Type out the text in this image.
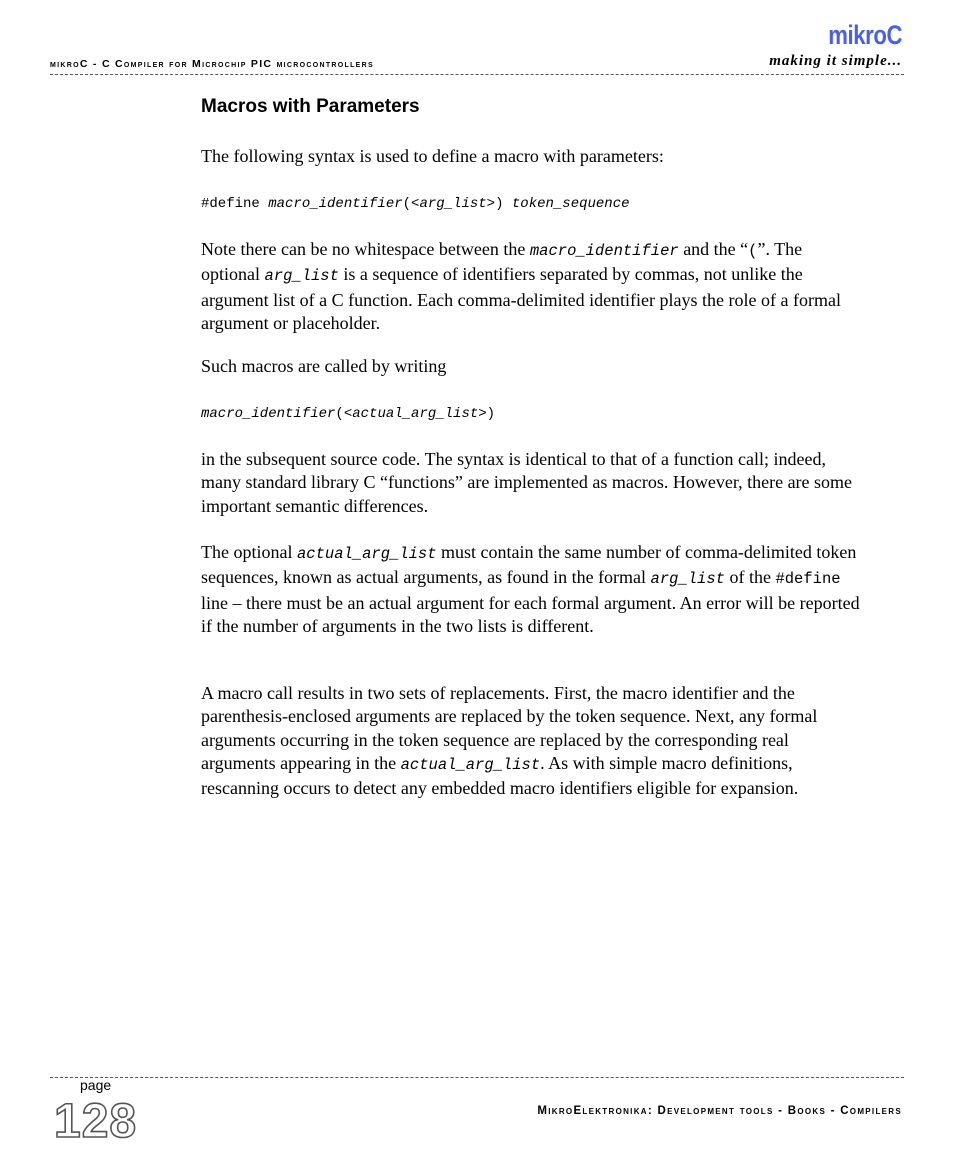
mikroC - C Compiler for Microchip PIC microcontrollers
mikroC
making it simple...
Macros with Parameters

The following syntax is used to define a macro with parameters:

#define macro_identifier(<arg_list>) token_sequence

Note there can be no whitespace between the macro_identifier and the “(”. The optional arg_list is a sequence of identifiers separated by commas, not unlike the argument list of a C function. Each comma-delimited identifier plays the role of a formal argument or placeholder.

Such macros are called by writing

macro_identifier(<actual_arg_list>)

in the subsequent source code. The syntax is identical to that of a function call; indeed, many standard library C “functions” are implemented as macros. However, there are some important semantic differences.

The optional actual_arg_list must contain the same number of comma-delimited token sequences, known as actual arguments, as found in the formal arg_list of the #define line – there must be an actual argument for each formal argument. An error will be reported if the number of arguments in the two lists is different.

A macro call results in two sets of replacements. First, the macro identifier and the parenthesis-enclosed arguments are replaced by the token sequence. Next, any formal arguments occurring in the token sequence are replaced by the corresponding real arguments appearing in the actual_arg_list. As with simple macro definitions, rescanning occurs to detect any embedded macro identifiers eligible for expansion.

page
128	MikroElektronika: Development tools - Books - Compilers
